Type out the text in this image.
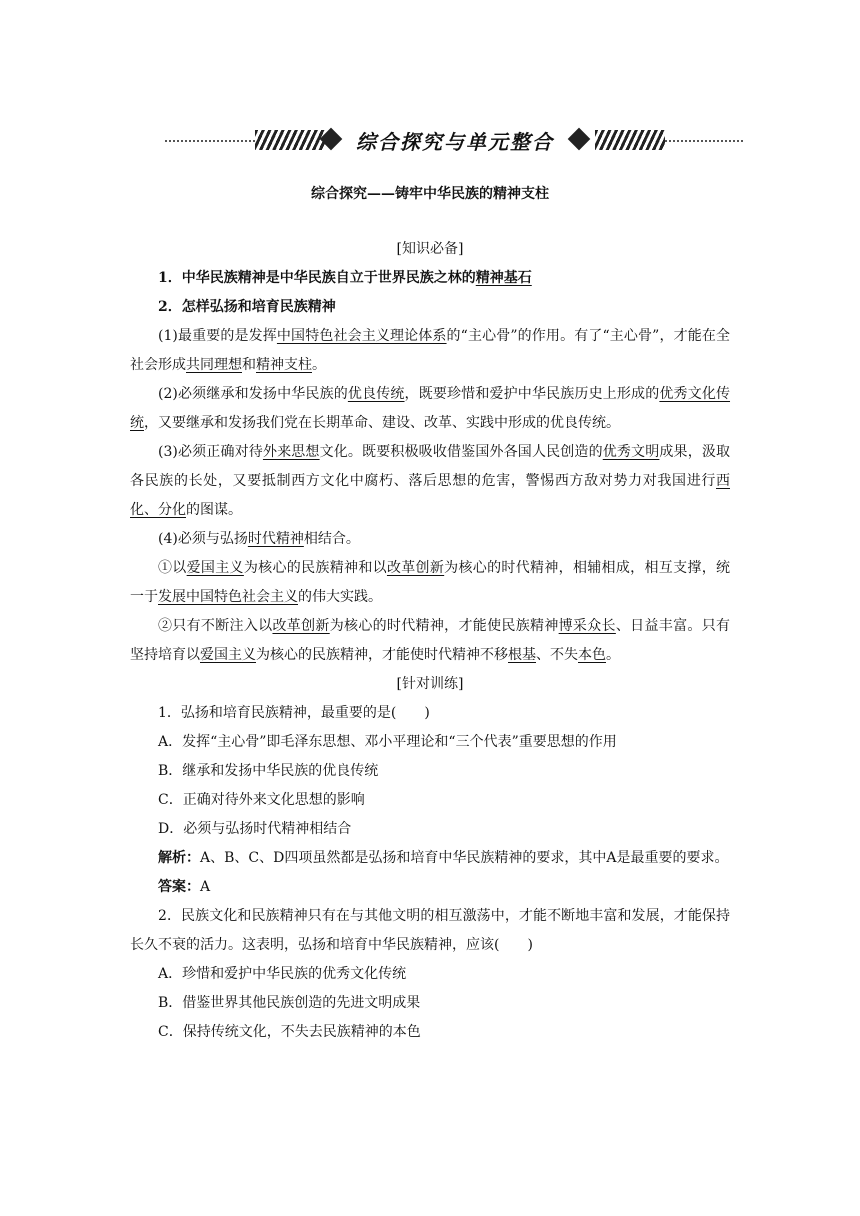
综合探究与单元整合

综合探究——铸牢中华民族的精神支柱

[知识必备]

1．中华民族精神是中华民族自立于世界民族之林的精神基石

2．怎样弘扬和培育民族精神

(1)最重要的是发挥中国特色社会主义理论体系的“主心骨”的作用。有了“主心骨”，才能在全社会形成共同理想和精神支柱。

(2)必须继承和发扬中华民族的优良传统，既要珍惜和爱护中华民族历史上形成的优秀文化传统，又要继承和发扬我们党在长期革命、建设、改革、实践中形成的优良传统。

(3)必须正确对待外来思想文化。既要积极吸收借鉴国外各国人民创造的优秀文明成果，汲取各民族的长处，又要抵制西方文化中腐朽、落后思想的危害，警惕西方敌对势力对我国进行西化、分化的图谋。

(4)必须与弘扬时代精神相结合。

①以爱国主义为核心的民族精神和以改革创新为核心的时代精神，相辅相成，相互支撑，统一于发展中国特色社会主义的伟大实践。

②只有不断注入以改革创新为核心的时代精神，才能使民族精神博采众长、日益丰富。只有坚持培育以爱国主义为核心的民族精神，才能使时代精神不移根基、不失本色。

[针对训练]

1．弘扬和培育民族精神，最重要的是(　　)

A．发挥“主心骨”即毛泽东思想、邓小平理论和“三个代表”重要思想的作用

B．继承和发扬中华民族的优良传统

C．正确对待外来文化思想的影响

D．必须与弘扬时代精神相结合

解析：A、B、C、D四项虽然都是弘扬和培育中华民族精神的要求，其中A是最重要的要求。

答案：A

2．民族文化和民族精神只有在与其他文明的相互激荡中，才能不断地丰富和发展，才能保持长久不衰的活力。这表明，弘扬和培育中华民族精神，应该(　　)

A．珍惜和爱护中华民族的优秀文化传统

B．借鉴世界其他民族创造的先进文明成果

C．保持传统文化，不失去民族精神的本色
